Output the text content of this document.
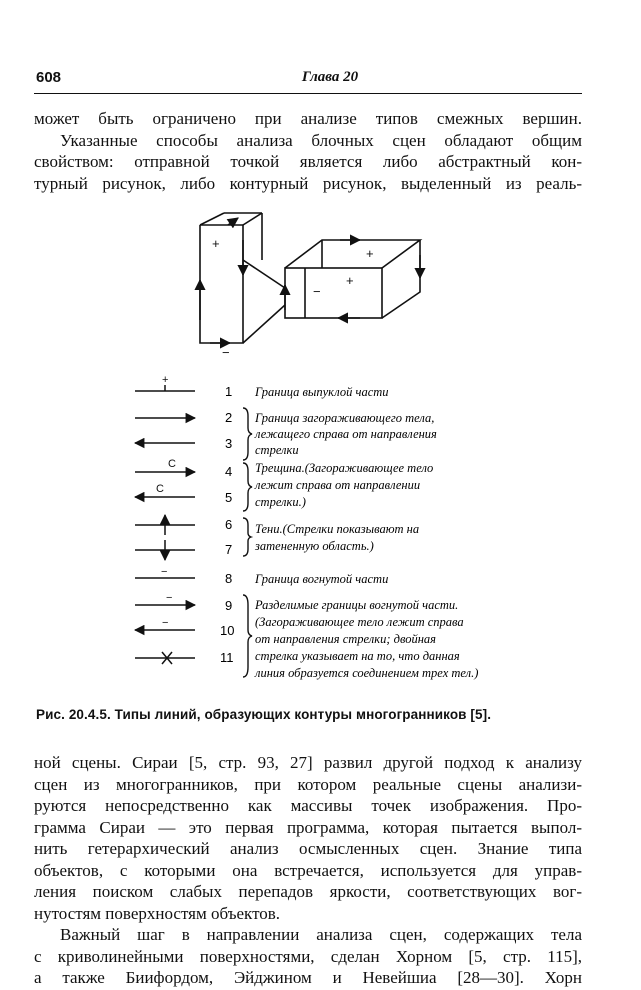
608	Глава 20
может быть ограничено при анализе типов смежных вершин.
Указанные способы анализа блочных сцен обладают общим
свойством: отправной точкой является либо абстрактный кон-
турный рисунок, либо контурный рисунок, выделенный из реаль-
+
+
+
−
−
+
C
C
−
−
−
1 Граница выпуклой части
2 Граница загораживающего тела,
лежащего справа от направления
3 стрелки
4 Трещина.(Загораживающее тело
лежит справа от направлении
5 стрелки.)
6 Тени.(Стрелки показывают на
7 затененную область.)
8 Граница вогнутой части
9 Разделимые границы вогнутой части.
(Загораживающее тело лежит справа
10
от направления стрелки; двойная
стрелка указывает на то, что данная
11
линия образуется соединением трех тел.)
Рис. 20.4.5. Типы линий, образующих контуры многогранников [5].
ной сцены. Сираи [5, стр. 93, 27] развил другой подход к анализу
сцен из многогранников, при котором реальные сцены анализи-
руются непосредственно как массивы точек изображения. Про-
грамма Сираи — это первая программа, которая пытается выпол-
нить гетерархический анализ осмысленных сцен. Знание типа
объектов, с которыми она встречается, используется для управ-
ления поиском слабых перепадов яркости, соответствующих вог-
нутостям поверхностям объектов.
Важный шаг в направлении анализа сцен, содержащих тела
с криволинейными поверхностями, сделан Хорном [5, стр. 115],
а также Биифордом, Эйджином и Невейшиа [28—30]. Хорн
